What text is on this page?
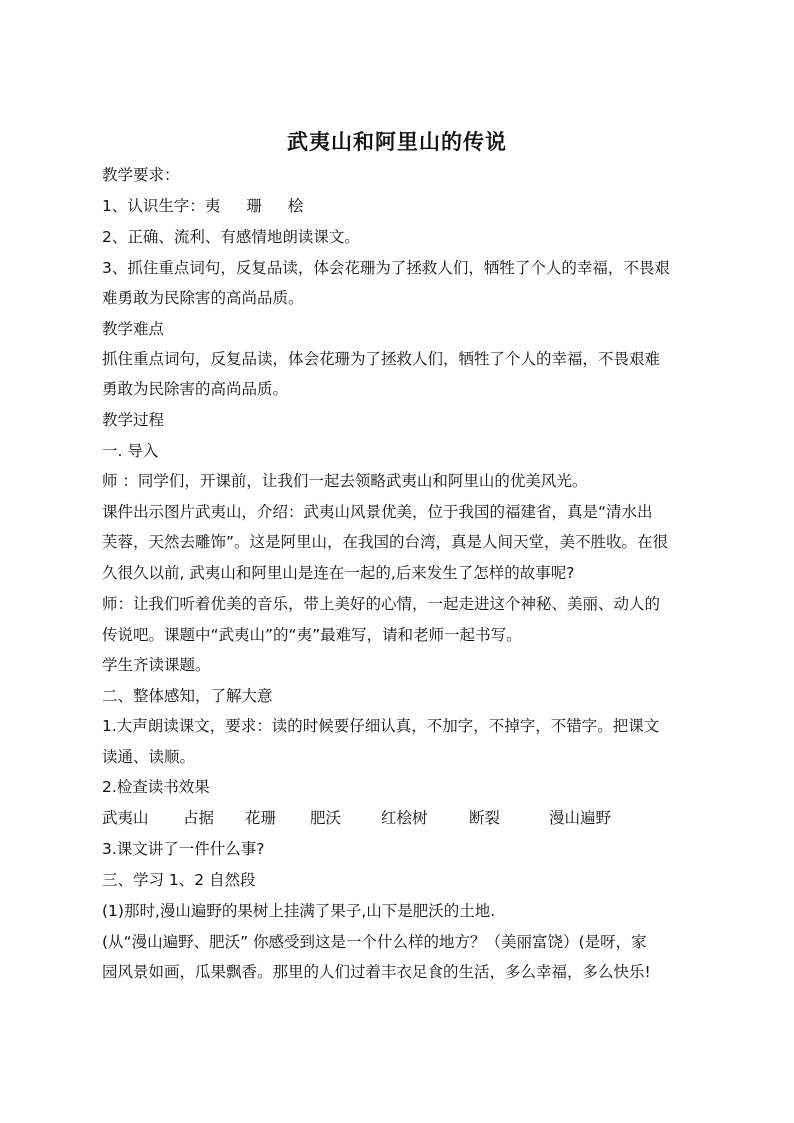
武夷山和阿里山的传说

教学要求：

1、认识生字：夷 珊 桧

2、正确、流利、有感情地朗读课文。

3、抓住重点词句，反复品读，体会花珊为了拯救人们，牺牲了个人的幸福，不畏艰

难勇敢为民除害的高尚品质。

教学难点

抓住重点词句，反复品读，体会花珊为了拯救人们，牺牲了个人的幸福，不畏艰难

勇敢为民除害的高尚品质。

教学过程

一. 导入

师 ：同学们，开课前，让我们一起去领略武夷山和阿里山的优美风光。

课件出示图片武夷山，介绍：武夷山风景优美，位于我国的福建省，真是“清水出

芙蓉，天然去雕饰”。这是阿里山，在我国的台湾，真是人间天堂，美不胜收。在很

久很久以前, 武夷山和阿里山是连在一起的,后来发生了怎样的故事呢?

师：让我们听着优美的音乐，带上美好的心情，一起走进这个神秘、美丽、动人的

传说吧。课题中“武夷山”的“夷”最难写，请和老师一起书写。

学生齐读课题。

二、整体感知，了解大意

1.大声朗读课文，要求：读的时候要仔细认真，不加字，不掉字，不错字。把课文

读通、读顺。

2.检查读书效果

武夷山 占据 花珊 肥沃	红桧树	断裂	漫山遍野

3.课文讲了一件什么事?

三、学习 1、2 自然段

(1)那时,漫山遍野的果树上挂满了果子,山下是肥沃的土地.

(从“漫山遍野、肥沃” 你感受到这是一个什么样的地方？（美丽富饶）(是呀，家

园风景如画，瓜果飘香。那里的人们过着丰衣足食的生活，多么幸福，多么快乐!
